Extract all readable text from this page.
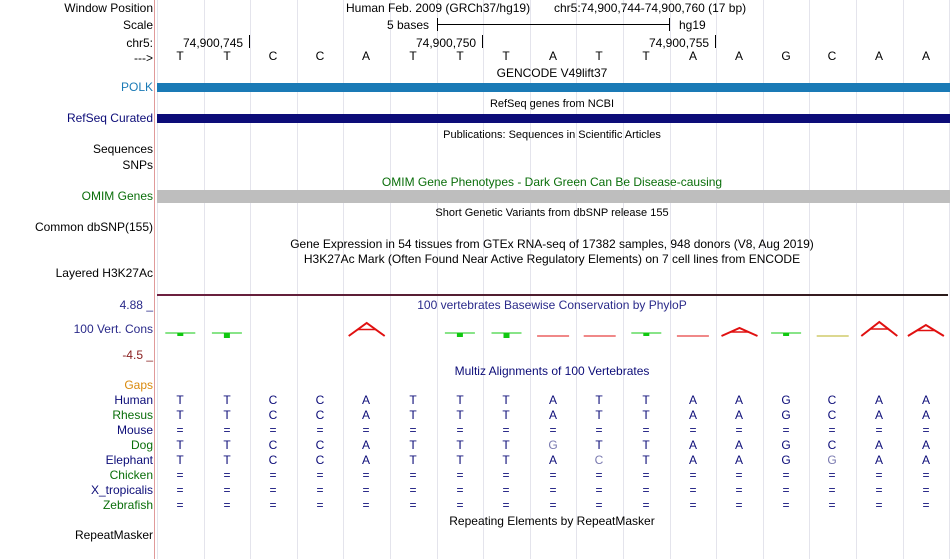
Window Position
Scale
chr5:
--->
Human Feb. 2009 (GRCh37/hg19) chr5:74,900,744-74,900,760 (17 bp)
5 bases	hg19
74,900,745	74,900,750	74,900,755
T	T	C	C	A	T	T	T	A	T	T	A	A	G	C	A	A
GENCODE V49lift37
POLK
RefSeq genes from NCBI
RefSeq Curated
Publications: Sequences in Scientific Articles
Sequences
SNPs
OMIM Gene Phenotypes - Dark Green Can Be Disease-causing
OMIM Genes
Short Genetic Variants from dbSNP release 155
Common dbSNP(155)
Gene Expression in 54 tissues from GTEx RNA-seq of 17382 samples, 948 donors (V8, Aug 2019)
H3K27Ac Mark (Often Found Near Active Regulatory Elements) on 7 cell lines from ENCODE
Layered H3K27Ac
100 vertebrates Basewise Conservation by PhyloP
4.88 _
100 Vert. Cons
-4.5 _
Multiz Alignments of 100 Vertebrates
Gaps
Human	T	T	C	C	A	T	T	T	A	T	T	A	A	G	C	A	A
Rhesus	T	T	C	C	A	T	T	T	A	T	T	A	A	G	C	A	A
Mouse	=	=	=	=	=	=	=	=	=	=	=	=	=	=	=	=	=
Dog	T	T	C	C	A	T	T	T	G	T	T	A	A	G	C	A	A
Elephant	T	T	C	C	A	T	T	T	A	C	T	A	A	G	G	A	A
Chicken	=	=	=	=	=	=	=	=	=	=	=	=	=	=	=	=	=
X_tropicalis	=	=	=	=	=	=	=	=	=	=	=	=	=	=	=	=	=
Zebrafish	=	=	=	=	=	=	=	=	=	=	=	=	=	=	=	=	=
Repeating Elements by RepeatMasker
RepeatMasker
